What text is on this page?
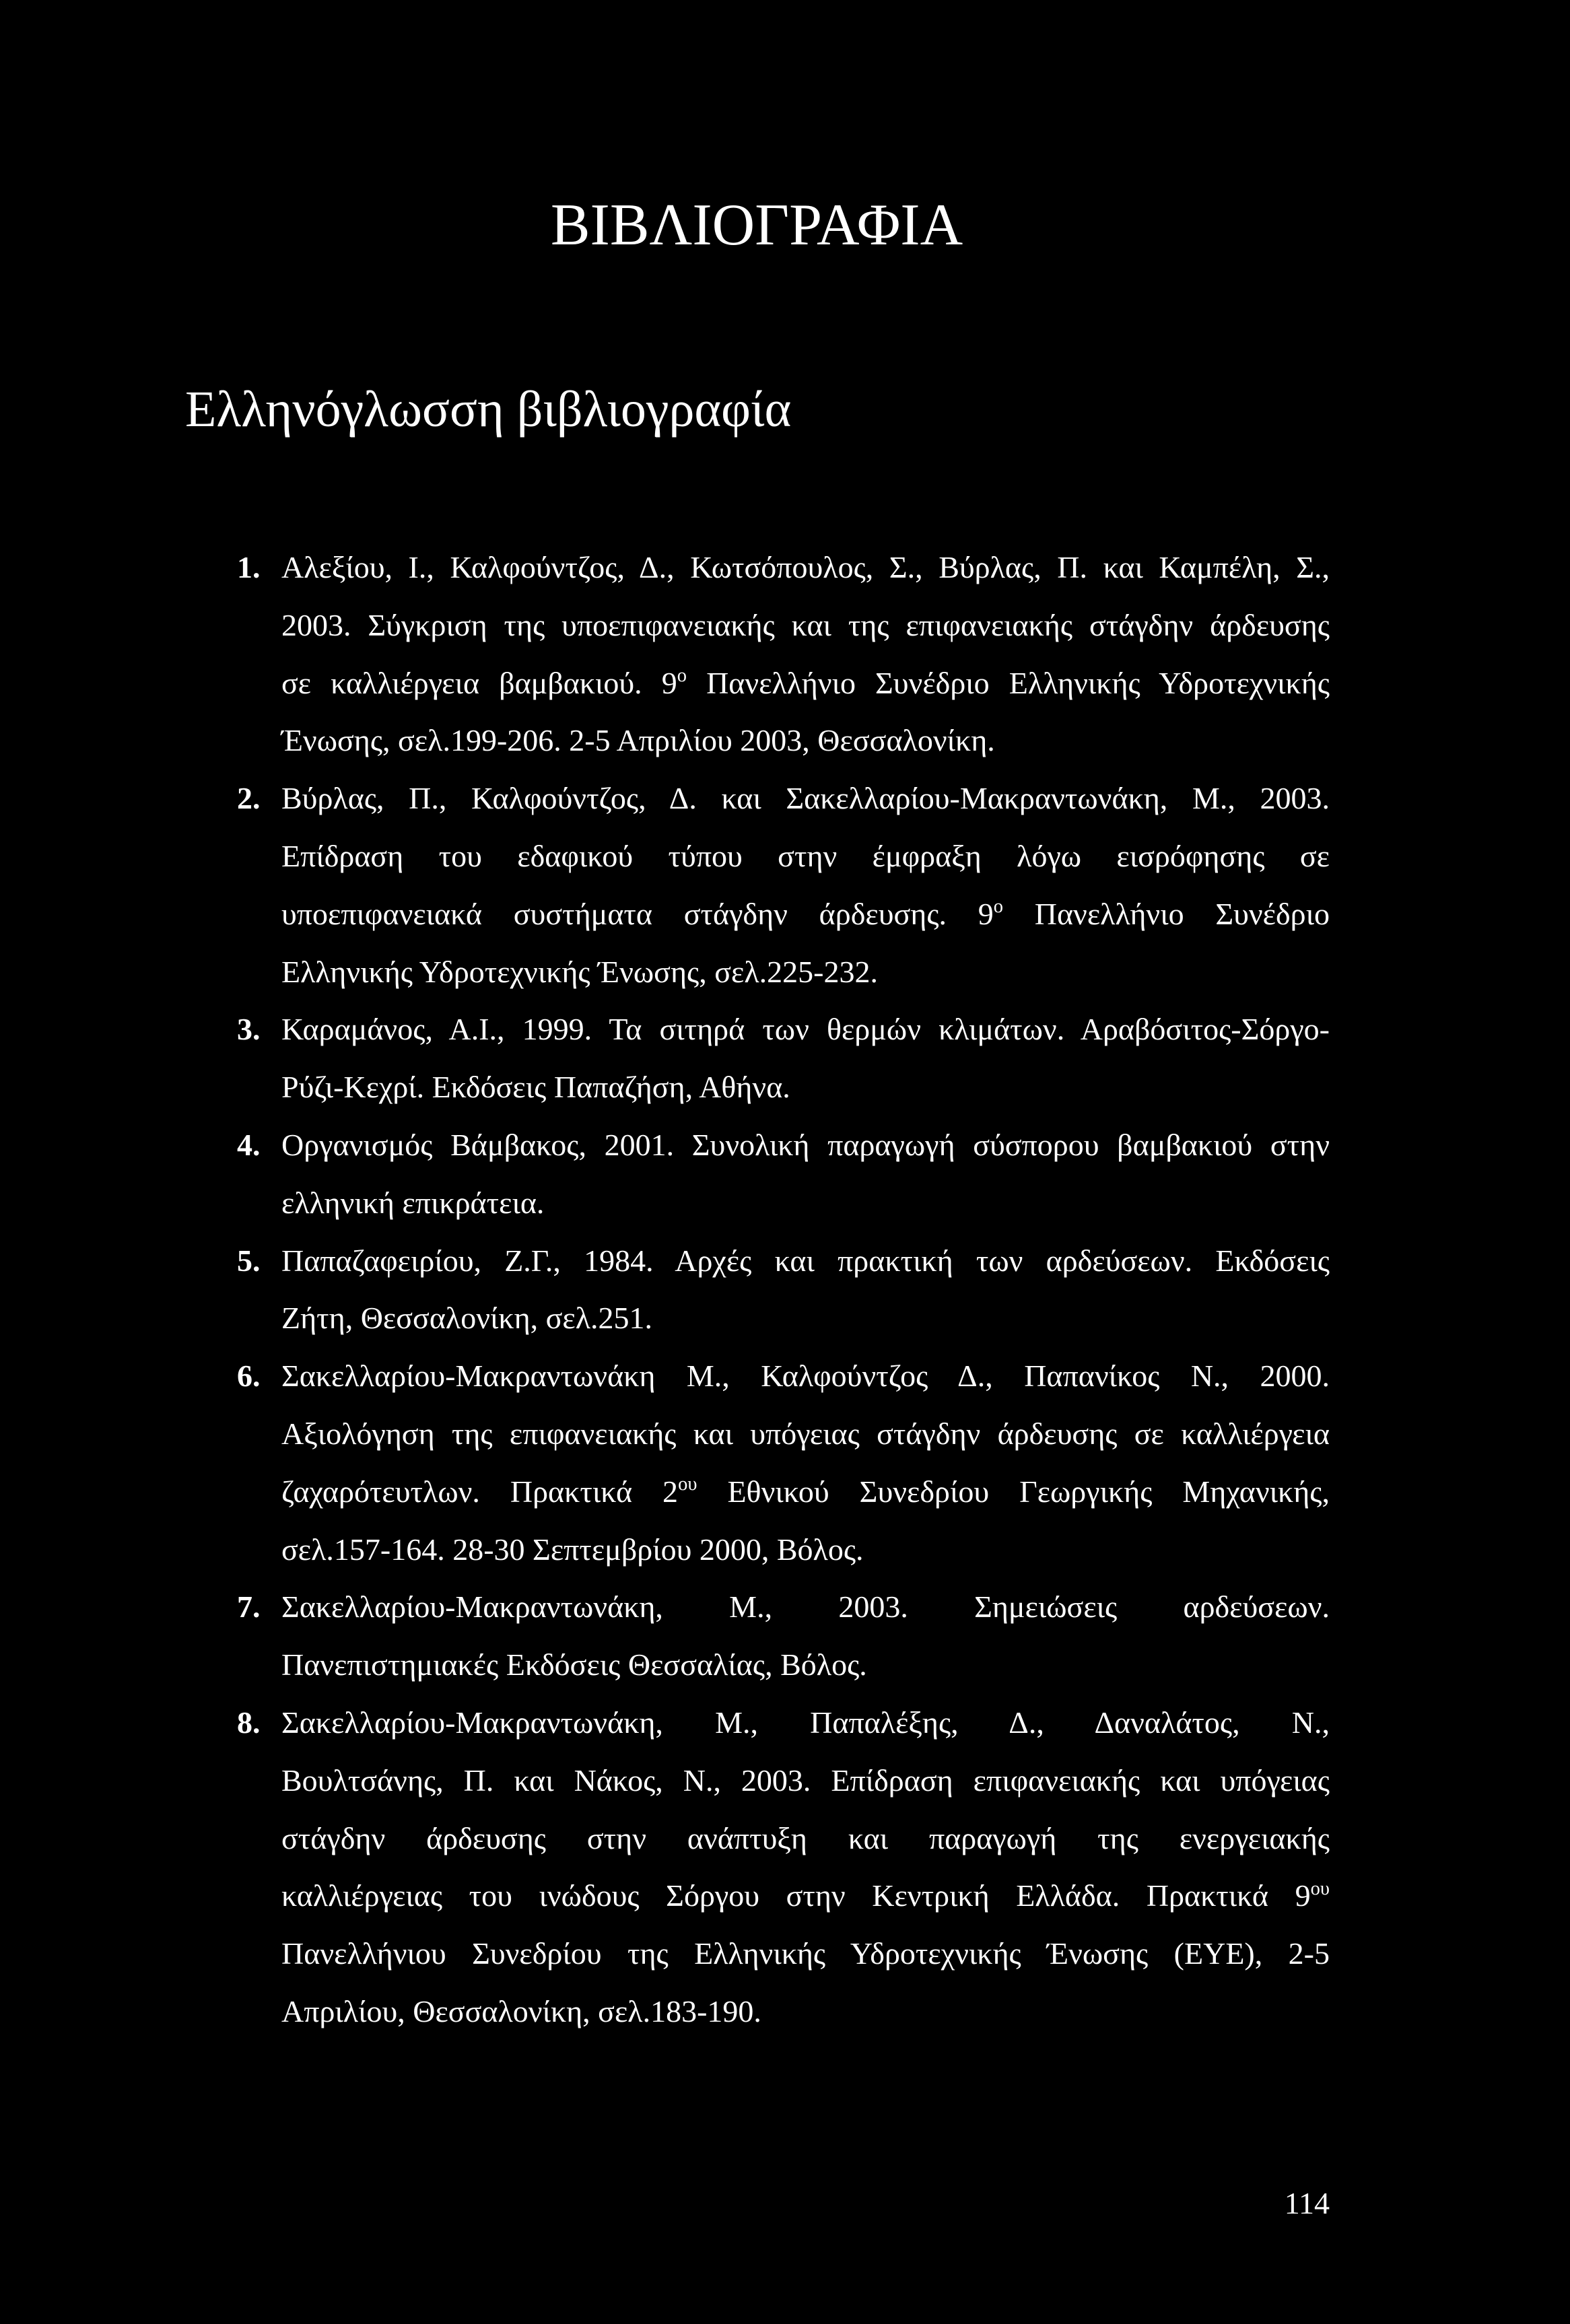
ΒΙΒΛΙΟΓΡΑΦΙΑ
Ελληνόγλωσση βιβλιογραφία
1. Αλεξίου, Ι., Καλφούντζος, Δ., Κωτσόπουλος, Σ., Βύρλας, Π. και Καμπέλη, Σ.,
2003. Σύγκριση της υποεπιφανειακής και της επιφανειακής στάγδην άρδευσης
σε καλλιέργεια βαμβακιού. $9^o$ Πανελλήνιο Συνέδριο Ελληνικής Υδροτεχνικής
Ένωσης, σελ.199-206. 2-5 Απριλίου 2003, Θεσσαλονίκη.
2. Βύρλας, Π., Καλφούντζος, Δ. και Σακελλαρίου-Μακραντωνάκη, Μ., 2003.
Επίδραση του εδαφικού τύπου στην έμφραξη λόγω εισρόφησης σε
υποεπιφανειακά συστήματα στάγδην άρδευσης. $9^o$ Πανελλήνιο Συνέδριο
Ελληνικής Υδροτεχνικής Ένωσης, σελ.225-232.
3. Καραμάνος, Α.Ι., 1999. Τα σιτηρά των θερμών κλιμάτων. Αραβόσιτος-Σόργο-
Ρύζι-Κεχρί. Εκδόσεις Παπαζήση, Αθήνα.
4. Οργανισμός Βάμβακος, 2001. Συνολική παραγωγή σύσπορου βαμβακιού στην
ελληνική επικράτεια.
5. Παπαζαφειρίου, Ζ.Γ., 1984. Αρχές και πρακτική των αρδεύσεων. Εκδόσεις
Ζήτη, Θεσσαλονίκη, σελ.251.
6. Σακελλαρίου-Μακραντωνάκη Μ., Καλφούντζος Δ., Παπανίκος Ν., 2000.
Αξιολόγηση της επιφανειακής και υπόγειας στάγδην άρδευσης σε καλλιέργεια
ζαχαρότευτλων. Πρακτικά $2^{o\upsilon}$ Εθνικού Συνεδρίου Γεωργικής Μηχανικής,
σελ.157-164. 28-30 Σεπτεμβρίου 2000, Βόλος.
7. Σακελλαρίου-Μακραντωνάκη, Μ., 2003. Σημειώσεις αρδεύσεων.
Πανεπιστημιακές Εκδόσεις Θεσσαλίας, Βόλος.
8. Σακελλαρίου-Μακραντωνάκη, Μ., Παπαλέξης, Δ., Δαναλάτος, Ν.,
Βουλτσάνης, Π. και Νάκος, Ν., 2003. Επίδραση επιφανειακής και υπόγειας
στάγδην άρδευσης στην ανάπτυξη και παραγωγή της ενεργειακής
καλλιέργειας του ινώδους Σόργου στην Κεντρική Ελλάδα. Πρακτικά $9^{o\upsilon}$
Πανελλήνιου Συνεδρίου της Ελληνικής Υδροτεχνικής Ένωσης (ΕΥΕ), 2-5
Απριλίου, Θεσσαλονίκη, σελ.183-190.
114
